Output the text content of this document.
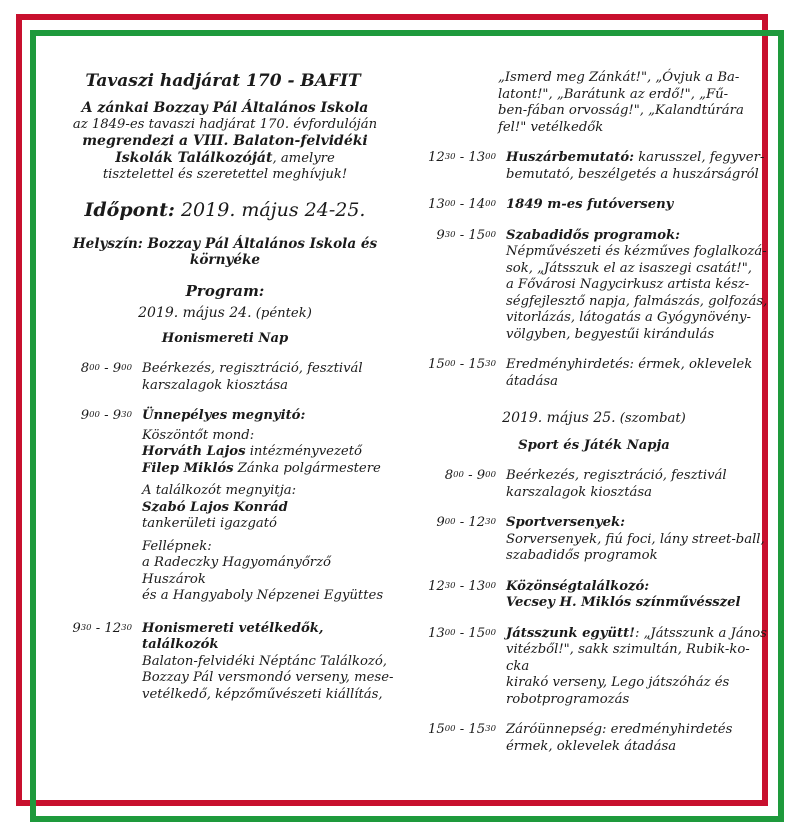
Tavaszi hadjárat 170 - BAFIT
A zánkai Bozzay Pál Általános Iskola
az 1849-es tavaszi hadjárat 170. évfordulóján
megrendezi a VIII. Balaton-felvidéki
Iskolák Találkozóját, amelyre
tisztelettel és szeretettel meghívjuk!
Időpont: 2019. május 24-25.
Helyszín: Bozzay Pál Általános Iskola és
környéke
Program:
2019. május 24. (péntek)
Honismereti Nap
$8^{00} - 9^{00}$ Beérkezés, regisztráció, fesztivál
karszalagok kiosztása
$9^{00} - 9^{30}$ Ünnepélyes megnyitó:
Köszöntőt mond:
Horváth Lajos intézményvezető
Filep Miklós Zánka polgármestere
A találkozót megnyitja:
Szabó Lajos Konrád
tankerületi igazgató
Fellépnek:
a Radeczky Hagyományőrző Huszárok
és a Hangyaboly Népzenei Együttes
$9^{30} - 12^{30}$ Honismereti vetélkedők, találkozók
Balaton-felvidéki Néptánc Találkozó,
Bozzay Pál versmondó verseny, mese-
vetélkedő, képzőművészeti kiállítás,
„Ismerd meg Zánkát!", „Óvjuk a Ba-
latont!", „Barátunk az erdő!", „Fű-
ben-fában orvosság!", „Kalandtúrára
fel!" vetélkedők
$12^{30} - 13^{00}$ Huszárbemutató: karusszel, fegyver-
bemutató, beszélgetés a huszárságról
$13^{00} - 14^{00}$ 1849 m-es futóverseny
$9^{30} - 15^{00}$ Szabadidős programok:
Népművészeti és kézműves foglalkozá-
sok, „Játsszuk el az isaszegi csatát!",
a Fővárosi Nagycirkusz artista kész-
ségfejlesztő napja, falmászás, golfozás,
vitorlázás, látogatás a Gyógynövény-
völgyben, begyestűi kirándulás
$15^{00} - 15^{30}$ Eredményhirdetés: érmek, oklevelek
átadása
2019. május 25. (szombat)
Sport és Játék Napja
$8^{00} - 9^{00}$ Beérkezés, regisztráció, fesztivál
karszalagok kiosztása
$9^{00} - 12^{30}$ Sportversenyek:
Sorversenyek, fiú foci, lány street-ball,
szabadidős programok
$12^{30} - 13^{00}$ Közönségtalálkozó:
Vecsey H. Miklós színművésszel
$13^{00} - 15^{00}$ Játsszunk együtt!: „Játsszunk a János
vitézből!", sakk szimultán, Rubik-ko-cka
kirakó verseny, Lego játszóház és
robotprogramozás
$15^{00} - 15^{30}$ Záróünnepség: eredményhirdetés
érmek, oklevelek átadása
